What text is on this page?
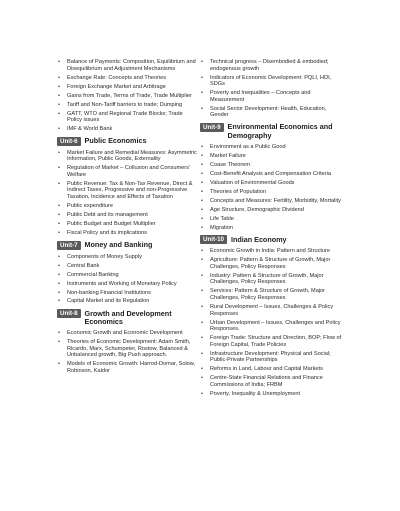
• Balance of Payments: Composition, Equilibrium and Disequilibrium and Adjustment Mechanisms
• Exchange Rate: Concepts and Theories
• Foreign Exchange Market and Arbitrage
• Gains from Trade, Terms of Trade, Trade Multiplier
• Tariff and Non-Tariff barriers to trade; Dumping
• GATT, WTO and Regional Trade Blocks; Trade Policy issues
• IMF & World Bank
Unit-6 Public Economics
• Market Failure and Remedial Measures: Asymmetric Information, Public Goods, Externality
• Regulation of Market – Collusion and Consumers' Welfare
• Public Revenue: Tax & Non-Tax Revenue, Direct & Indirect Taxes, Progressive and non-Progressive Taxation, Incidence and Effects of Taxation
• Public expenditure
• Public Debt and its management
• Public Budget and Budget Multiplier
• Fiscal Policy and its implications
Unit-7 Money and Banking
• Components of Money Supply
• Central Bank
• Commercial Banking
• Instruments and Working of Monetary Policy
• Non-banking Financial Institutions
• Capital Market and its Regulation
Unit-8 Growth and Development Economics
• Economic Growth and Economic Development
• Theories of Economic Development: Adam Smith, Ricardo, Marx, Schumpeter, Rostow, Balanced & Unbalanced growth, Big Push approach.
• Models of Economic Growth: Harrod-Domar, Solow, Robinson, Kaldor
• Technical progress – Disembodied & embodied; endogenous growth
• Indicators of Economic Development: PQLI, HDI, SDGs
• Poverty and Inequalities – Concepts and Measurement
• Social Sector Development: Health, Education, Gender
Unit-9 Environmental Economics and Demography
• Environment as a Public Good
• Market Failure
• Coase Theorem
• Cost-Benefit Analysis and Compensation Criteria
• Valuation of Environmental Goods
• Theories of Population
• Concepts and Measures: Fertility, Morbidity, Mortality
• Age Structure, Demographic Dividend
• Life Table
• Migration
Unit-10 Indian Economy
• Economic Growth in India: Pattern and Structure
• Agriculture: Pattern & Structure of Growth, Major Challenges, Policy Responses
• Industry: Pattern & Structure of Growth, Major Challenges, Policy Responses
• Services: Pattern & Structure of Growth, Major Challenges, Policy Responses
• Rural Development – Issues, Challenges & Policy Responses
• Urban Development – Issues, Challenges and Policy Responses.
• Foreign Trade: Structure and Direction, BOP; Flow of Foreign Capital, Trade Policies
• Infrastructure Development: Physical and Social; Public-Private Partnerships
• Reforms in Land, Labour and Capital Markets
• Centre-State Financial Relations and Finance Commissions of India; FRBM
• Poverty, Inequality & Unemployment
